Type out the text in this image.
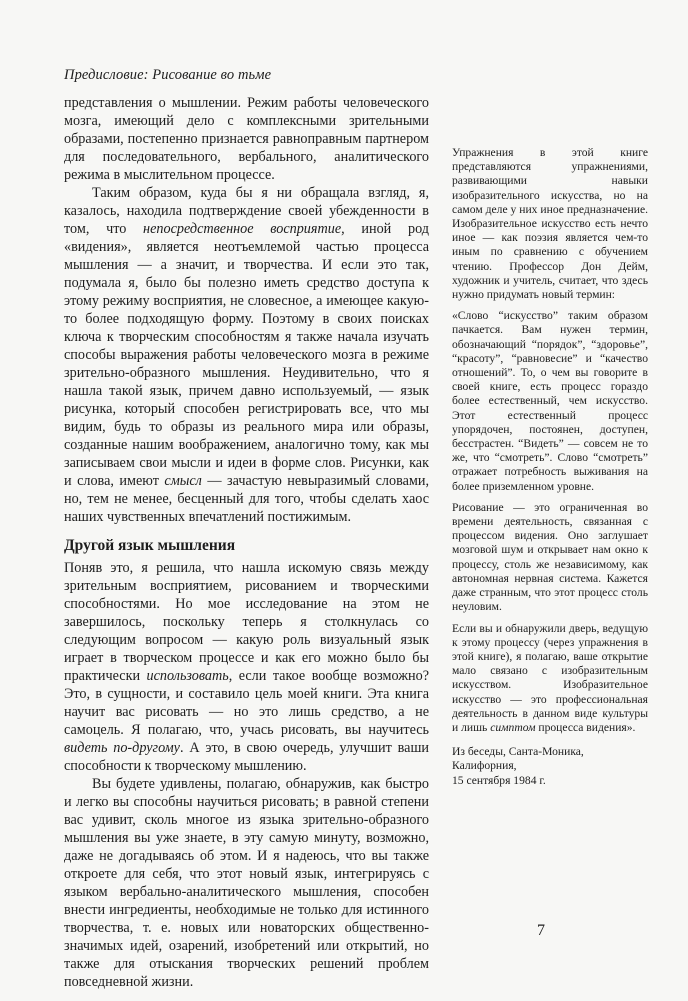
Предисловие: Рисование во тьме

представления о мышлении. Режим работы человеческого мозга, имеющий дело с комплексными зрительными образами, постепенно признается равноправным партнером для последовательного, вербального, аналитического режима в мыслительном процессе.

Таким образом, куда бы я ни обращала взгляд, я, казалось, находила подтверждение своей убежденности в том, что непосредственное восприятие, иной род «видения», является неотъемлемой частью процесса мышления — а значит, и творчества. И если это так, подумала я, было бы полезно иметь средство доступа к этому режиму восприятия, не словесное, а имеющее какую-то более подходящую форму. Поэтому в своих поисках ключа к творческим способностям я также начала изучать способы выражения работы человеческого мозга в режиме зрительно-образного мышления. Неудивительно, что я нашла такой язык, причем давно используемый, — язык рисунка, который способен регистрировать все, что мы видим, будь то образы из реального мира или образы, созданные нашим воображением, аналогично тому, как мы записываем свои мысли и идеи в форме слов. Рисунки, как и слова, имеют смысл — зачастую невыразимый словами, но, тем не менее, бесценный для того, чтобы сделать хаос наших чувственных впечатлений постижимым.

Другой язык мышления

Поняв это, я решила, что нашла искомую связь между зрительным восприятием, рисованием и творческими способностями. Но мое исследование на этом не завершилось, поскольку теперь я столкнулась со следующим вопросом — какую роль визуальный язык играет в творческом процессе и как его можно было бы практически использовать, если такое вообще возможно? Это, в сущности, и составило цель моей книги. Эта книга научит вас рисовать — но это лишь средство, а не самоцель. Я полагаю, что, учась рисовать, вы научитесь видеть по-другому. А это, в свою очередь, улучшит ваши способности к творческому мышлению.

Вы будете удивлены, полагаю, обнаружив, как быстро и легко вы способны научиться рисовать; в равной степени вас удивит, сколь многое из языка зрительно-образного мышления вы уже знаете, в эту самую минуту, возможно, даже не догадываясь об этом. И я надеюсь, что вы также откроете для себя, что этот новый язык, интегрируясь с языком вербально-аналитического мышления, способен внести ингредиенты, необходимые не только для истинного творчества, т. е. новых или новаторских общественно-значимых идей, озарений, изобретений или открытий, но также для отыскания творческих решений проблем повседневной жизни.

Упражнения в этой книге представляются упражнениями, развивающими навыки изобразительного искусства, но на самом деле у них иное предназначение. Изобразительное искусство есть нечто иное — как поэзия является чем-то иным по сравнению с обучением чтению. Профессор Дон Дейм, художник и учитель, считает, что здесь нужно придумать новый термин:

«Слово “искусство” таким образом пачкается. Вам нужен термин, обозначающий “порядок”, “здоровье”, “красоту”, “равновесие” и “качество отношений”. То, о чем вы говорите в своей книге, есть процесс гораздо более естественный, чем искусство. Этот естественный процесс упорядочен, постоянен, доступен, бесстрастен. “Видеть” — совсем не то же, что “смотреть”. Слово “смотреть” отражает потребность выживания на более приземленном уровне.

Рисование — это ограниченная во времени деятельность, связанная с процессом видения. Оно заглушает мозговой шум и открывает нам окно к процессу, столь же независимому, как автономная нервная система. Кажется даже странным, что этот процесс столь неуловим.

Если вы и обнаружили дверь, ведущую к этому процессу (через упражнения в этой книге), я полагаю, ваше открытие мало связано с изобразительным искусством. Изобразительное искусство — это профессиональная деятельность в данном виде культуры и лишь симптом процесса видения».

Из беседы, Санта-Моника,
Калифорния,
15 сентября 1984 г.

7
